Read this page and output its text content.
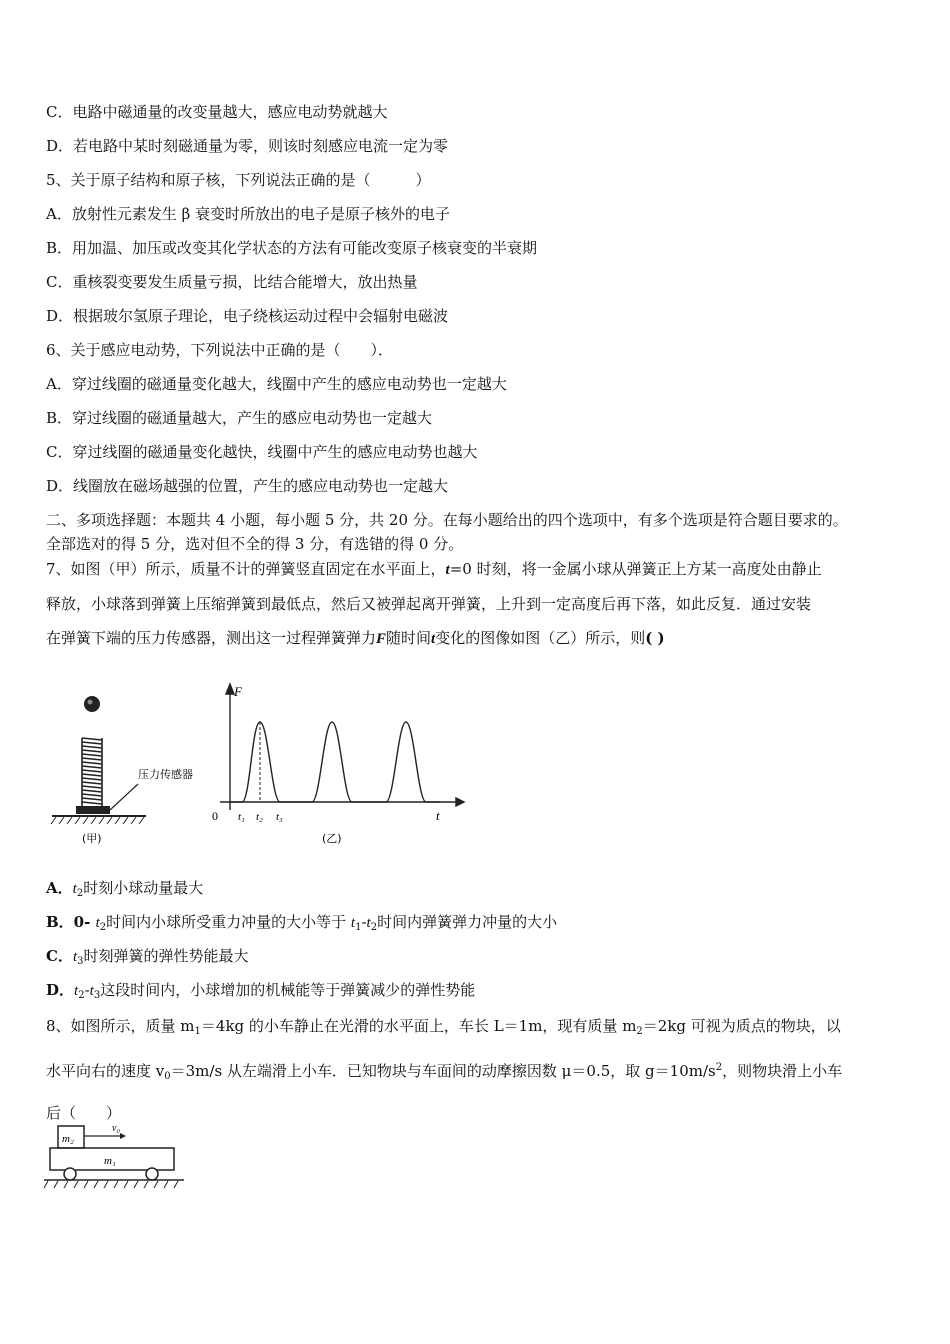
C．电路中磁通量的改变量越大，感应电动势就越大
D．若电路中某时刻磁通量为零，则该时刻感应电流一定为零
5、关于原子结构和原子核，下列说法正确的是（　　　）
A．放射性元素发生 β 衰变时所放出的电子是原子核外的电子
B．用加温、加压或改变其化学状态的方法有可能改变原子核衰变的半衰期
C．重核裂变要发生质量亏损，比结合能增大，放出热量
D．根据玻尔氢原子理论，电子绕核运动过程中会辐射电磁波
6、关于感应电动势，下列说法中正确的是（　　）．
A．穿过线圈的磁通量变化越大，线圈中产生的感应电动势也一定越大
B．穿过线圈的磁通量越大，产生的感应电动势也一定越大
C．穿过线圈的磁通量变化越快，线圈中产生的感应电动势也越大
D．线圈放在磁场越强的位置，产生的感应电动势也一定越大
二、多项选择题：本题共 4 小题，每小题 5 分，共 20 分。在每小题给出的四个选项中，有多个选项是符合题目要求的。
全部选对的得 5 分，选对但不全的得 3 分，有选错的得 0 分。
7、如图（甲）所示，质量不计的弹簧竖直固定在水平面上，t=0 时刻，将一金属小球从弹簧正上方某一高度处由静止
释放，小球落到弹簧上压缩弹簧到最低点，然后又被弹起离开弹簧，上升到一定高度后再下落，如此反复．通过安装
在弹簧下端的压力传感器，测出这一过程弹簧弹力F随时间t变化的图像如图（乙）所示，则( )
压力传感器
(甲)
F
t
0 t₁ t₂ t₃
(乙)
A．$t_2$时刻小球动量最大
B．0- $t_2$时间内小球所受重力冲量的大小等于 $t_1-t_2$时间内弹簧弹力冲量的大小
C．$t_3$时刻弹簧的弹性势能最大
D．$t_2-t_3$这段时间内，小球增加的机械能等于弹簧减少的弹性势能
8、如图所示，质量 $m_1=4kg$ 的小车静止在光滑的水平面上，车长 L＝1m，现有质量 $m_2=2kg$ 可视为质点的物块，以
水平向右的速度 $v_0=3m/s$ 从左端滑上小车．已知物块与车面间的动摩擦因数 μ＝0.5，取 $g=10m/s^2$，则物块滑上小车
后（　　）
m₂
v₀
m₁
